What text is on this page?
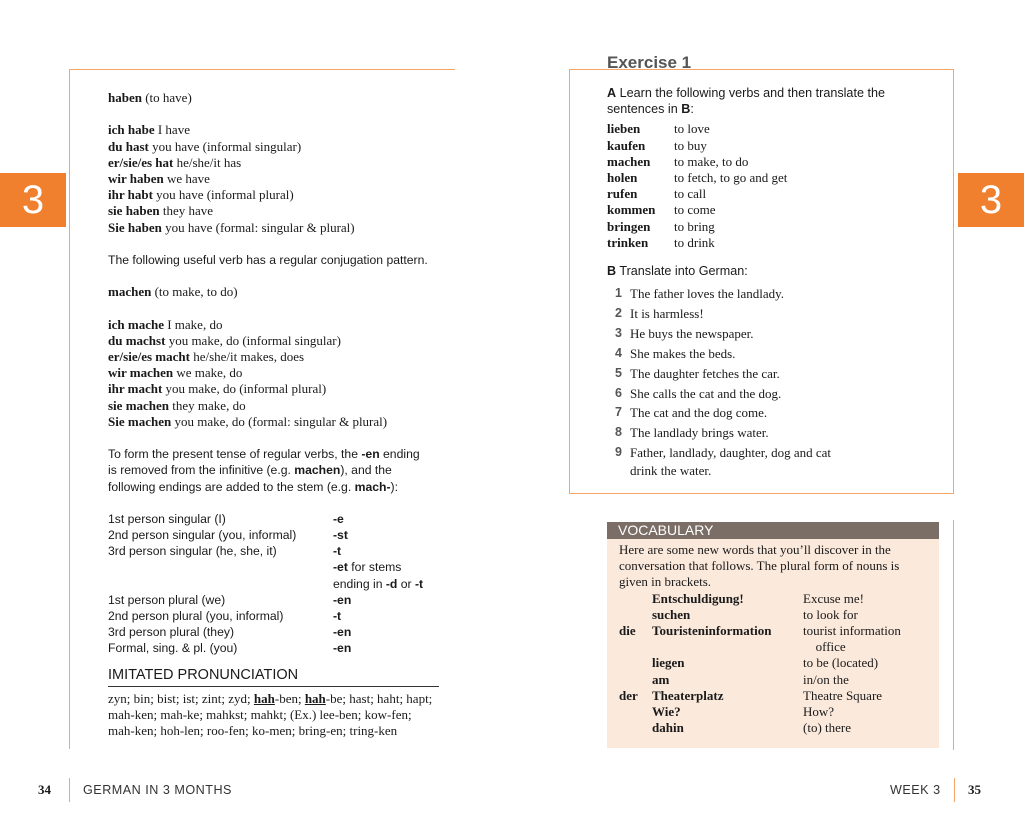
3	3
haben (to have)
ich habe I have
du hast you have (informal singular)
er/sie/es hat he/she/it has
wir haben we have
ihr habt you have (informal plural)
sie haben they have
Sie haben you have (formal: singular & plural)
The following useful verb has a regular conjugation pattern.
machen (to make, to do)
ich mache I make, do
du machst you make, do (informal singular)
er/sie/es macht he/she/it makes, does
wir machen we make, do
ihr macht you make, do (informal plural)
sie machen they make, do
Sie machen you make, do (formal: singular & plural)
To form the present tense of regular verbs, the -en ending
is removed from the infinitive (e.g. machen), and the
following endings are added to the stem (e.g. mach-):
1st person singular (I)	-e
2nd person singular (you, informal)	-st
3rd person singular (he, she, it)	-t
-et for stems
ending in -d or -t
1st person plural (we)	-en
2nd person plural (you, informal)	-t
3rd person plural (they)	-en
Formal, sing. & pl. (you)	-en
IMITATED PRONUNCIATION
zyn; bin; bist; ist; zint; zyd; hah-ben; hah-be; hast; haht; hapt;
mah-ken; mah-ke; mahkst; mahkt; (Ex.) lee-ben; kow-fen;
mah-ken; hoh-len; roo-fen; ko-men; bring-en; tring-ken
Exercise 1
A Learn the following verbs and then translate the
sentences in B:
lieben	to love
kaufen	to buy
machen	to make, to do
holen	to fetch, to go and get
rufen	to call
kommen	to come
bringen	to bring
trinken	to drink
B Translate into German:
1 The father loves the landlady.
2 It is harmless!
3 He buys the newspaper.
4 She makes the beds.
5 The daughter fetches the car.
6 She calls the cat and the dog.
7 The cat and the dog come.
8 The landlady brings water.
9 Father, landlady, daughter, dog and cat
drink the water.
VOCABULARY
Here are some new words that you’ll discover in the
conversation that follows. The plural form of nouns is
given in brackets.
Entschuldigung!	Excuse me!
suchen	to look for
die	Touristeninformation	tourist information
office
liegen	to be (located)
am	in/on the
der	Theaterplatz	Theatre Square
Wie?	How?
dahin	(to) there
34	GERMAN IN 3 MONTHS	WEEK 3 35
